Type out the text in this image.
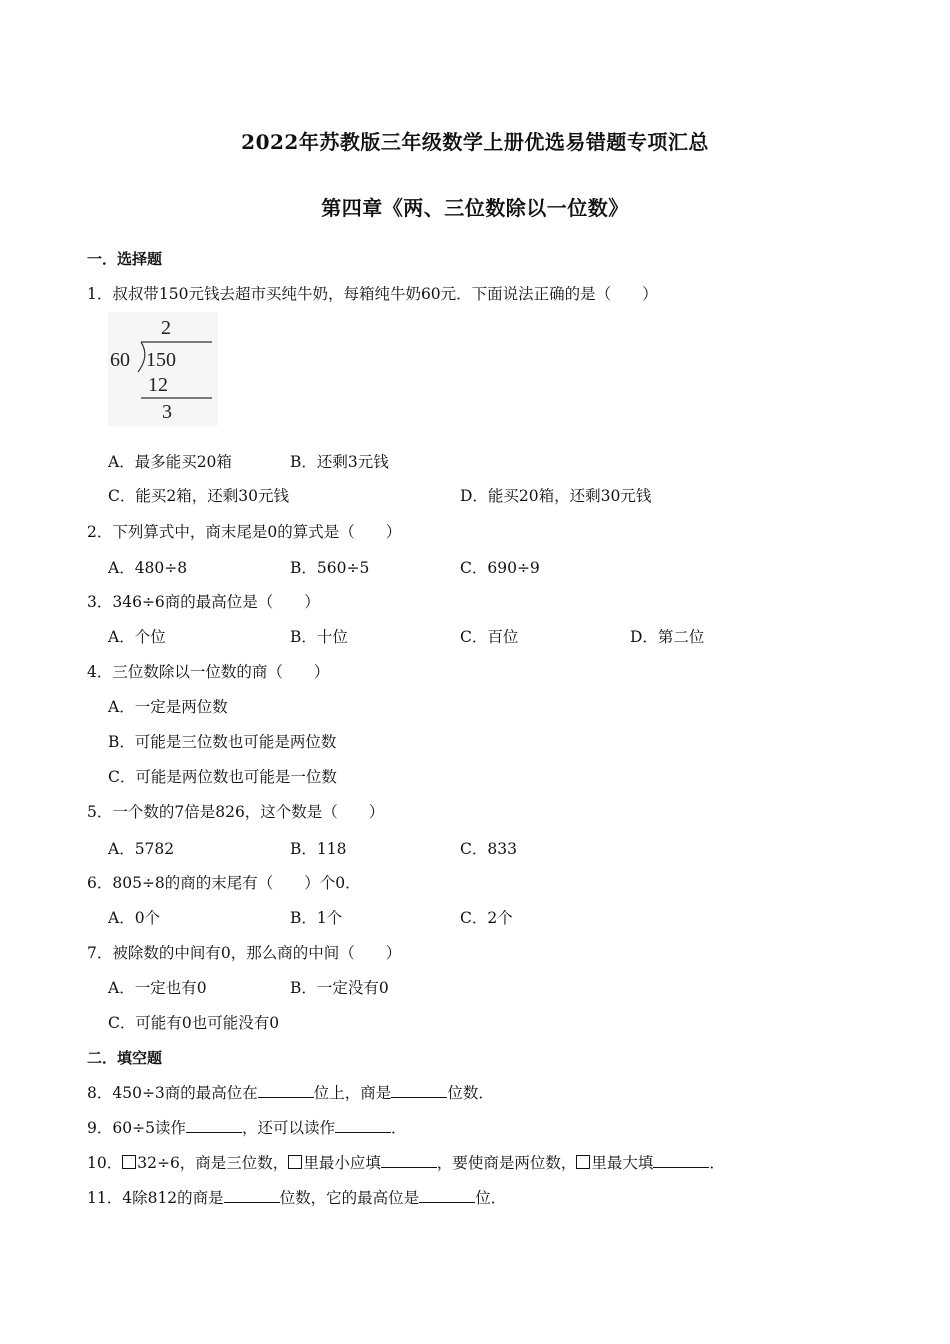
2022年苏教版三年级数学上册优选易错题专项汇总
第四章《两、三位数除以一位数》
一．选择题
1．叔叔带150元钱去超市买纯牛奶，每箱纯牛奶60元．下面说法正确的是（　　）
2
60 150
12
3
A．最多能买20箱	B．还剩3元钱
C．能买2箱，还剩30元钱	D．能买20箱，还剩30元钱
2．下列算式中，商末尾是0的算式是（　　）
A．480÷8	B．560÷5	C．690÷9
3．346÷6商的最高位是（　　）
A．个位	B．十位	C．百位	D．第二位
4．三位数除以一位数的商（　　）
A．一定是两位数
B．可能是三位数也可能是两位数
C．可能是两位数也可能是一位数
5．一个数的7倍是826，这个数是（　　）
A．5782	B．118	C．833
6．805÷8的商的末尾有（　　）个0．
A．0个	B．1个	C．2个
7．被除数的中间有0，那么商的中间（　　）
A．一定也有0	B．一定没有0
C．可能有0也可能没有0
二．填空题
8．450÷3商的最高位在	位上，商是	位数．
9．60÷5读作	，还可以读作	．
10． 32÷6，商是三位数， 里最小应填	，要使商是两位数， 里最大填	．
11．4除812的商是	位数，它的最高位是	位．
